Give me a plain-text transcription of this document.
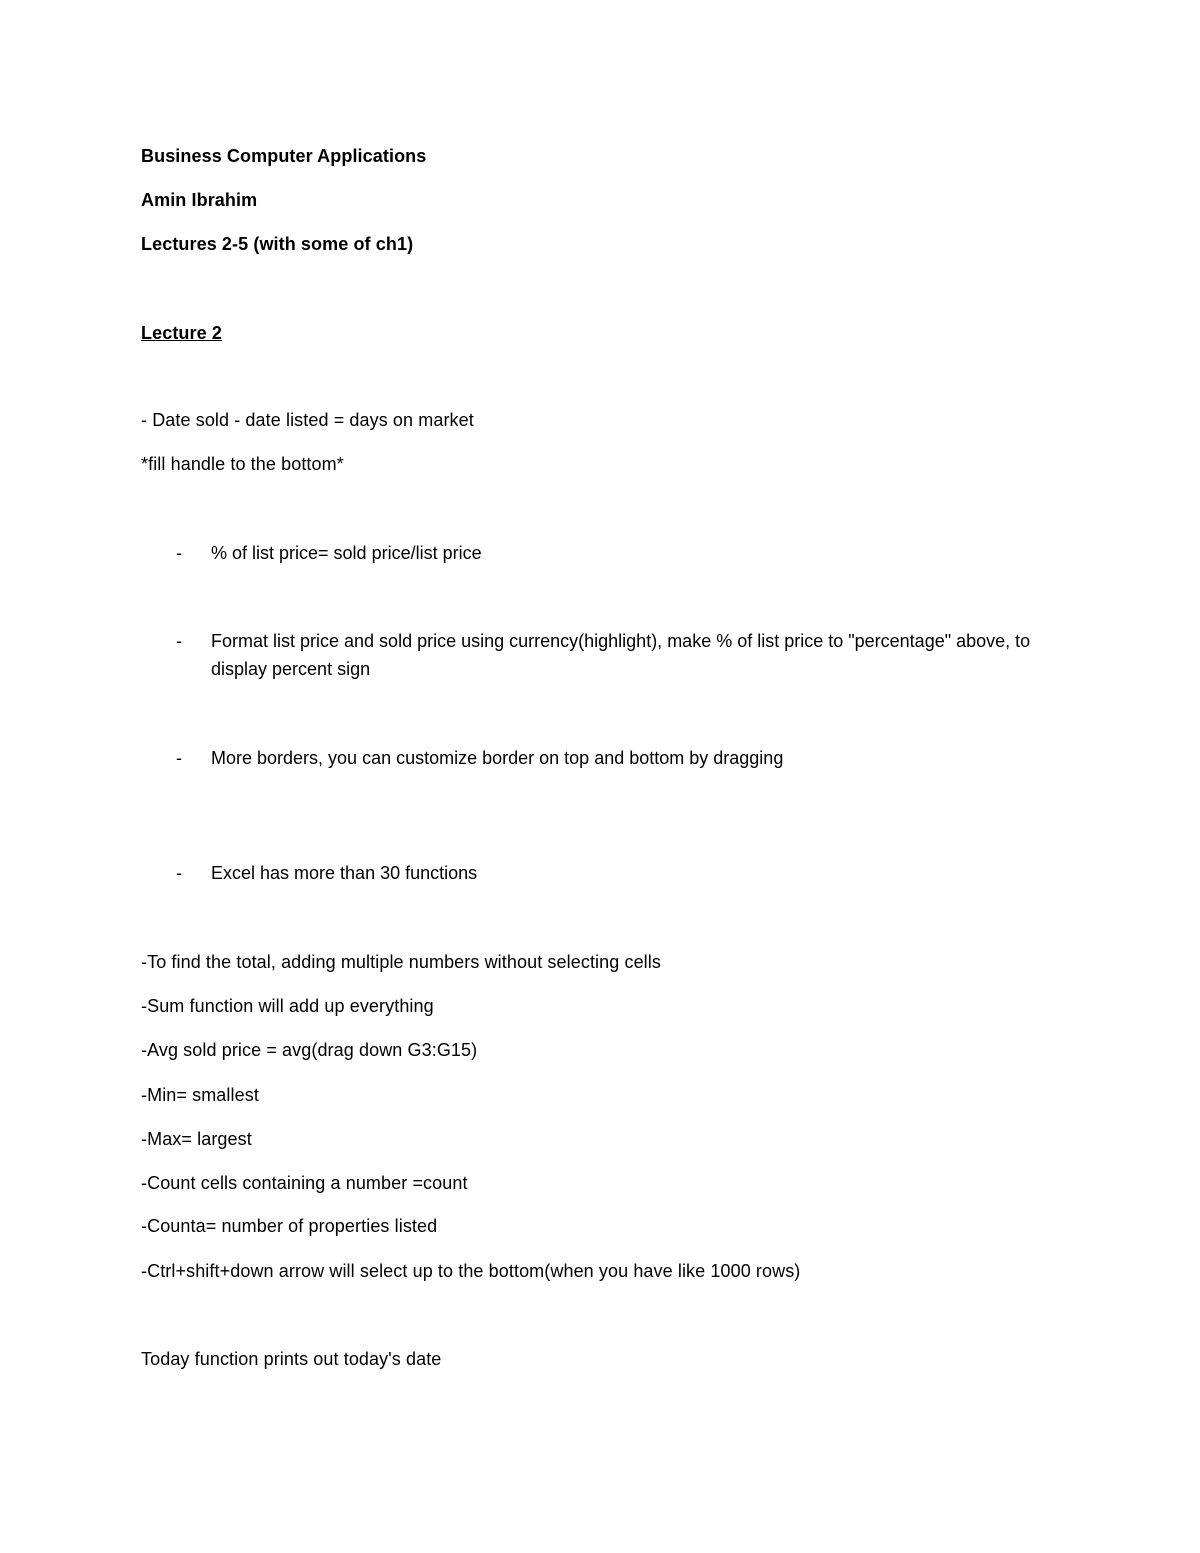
Business Computer Applications
Amin Ibrahim
Lectures 2-5 (with some of ch1)
Lecture 2
- Date sold - date listed = days on market
*fill handle to the bottom*
- % of list price= sold price/list price
- Format list price and sold price using currency(highlight), make % of list price to "percentage" above, to display percent sign
- More borders, you can customize border on top and bottom by dragging
- Excel has more than 30 functions
-To find the total, adding multiple numbers without selecting cells
-Sum function will add up everything
-Avg sold price = avg(drag down G3:G15)
-Min= smallest
-Max= largest
-Count cells containing a number =count
-Counta= number of properties listed
-Ctrl+shift+down arrow will select up to the bottom(when you have like 1000 rows)
Today function prints out today's date
